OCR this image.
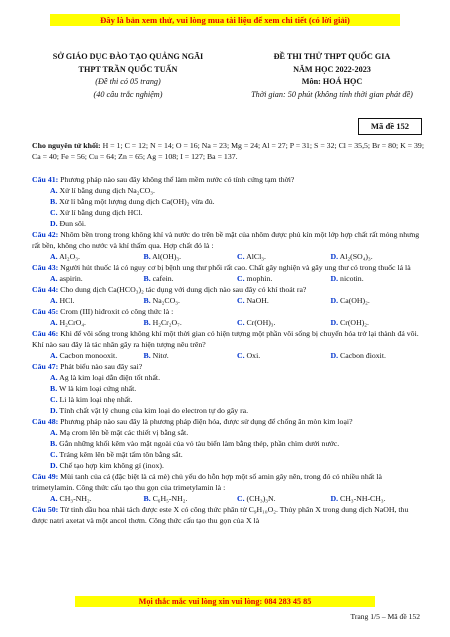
Đây là bản xem thử, vui lòng mua tài liệu để xem chi tiết (có lời giải)
SỞ GIÁO DỤC ĐÀO TẠO QUẢNG NGÃI
THPT TRẦN QUỐC TUẤN
(Đề thi có 05 trang)
(40 câu trắc nghiệm)
ĐỀ THI THỬ THPT QUỐC GIA
NĂM HỌC 2022-2023
Môn: HOÁ HỌC
Thời gian: 50 phút (không tính thời gian phát đề)
Mã đề 152
Cho nguyên tử khối: H = 1; C = 12; N = 14; O = 16; Na = 23; Mg = 24; Al = 27; P = 31; S = 32; Cl = 35,5; Br = 80; K = 39; Ca = 40; Fe = 56; Cu = 64; Zn = 65; Ag = 108; I = 127; Ba = 137.
Câu 41: Phương pháp nào sau đây không thể làm mềm nước có tính cứng tạm thời?
A. Xử lí bằng dung dịch Na₂CO₃.
B. Xử lí bằng một lượng dung dịch Ca(OH)₂ vừa đủ.
C. Xử lí bằng dung dịch HCl.
D. Đun sôi.
Câu 42: Nhôm bền trong trong không khí và nước do trên bề mặt của nhôm được phủ kín một lớp hợp chất rất mỏng nhưng rất bền, không cho nước và khí thấm qua. Hợp chất đó là :
A. Al₂O₃.	B. Al(OH)₃.	C. AlCl₃.	D. Al₂(SO₄)₃.
Câu 43: Người hút thuốc lá có nguy cơ bị bệnh ung thư phổi rất cao. Chất gây nghiện và gây ung thư có trong thuốc lá là
A. aspirin.	B. cafein.	C. mophin.	D. nicotin.
Câu 44: Cho dung dịch Ca(HCO₃)₂ tác dụng với dung dịch nào sau đây có khí thoát ra?
A. HCl.	B. Na₂CO₃.	C. NaOH.	D. Ca(OH)₂.
Câu 45: Crom (III) hiđroxit có công thức là :
A. H₂CrO₄.	B. H₂Cr₂O₇.	C. Cr(OH)₃.	D. Cr(OH)₂.
Câu 46: Khi để vôi sống trong không khí một thời gian có hiện tượng một phần vôi sống bị chuyển hóa trở lại thành đá vôi. Khí nào sau đây là tác nhân gây ra hiện tượng nêu trên?
A. Cacbon monooxit.	B. Nitơ.	C. Oxi.	D. Cacbon đioxit.
Câu 47: Phát biểu nào sau đây sai?
A. Ag là kim loại dẫn điện tốt nhất.
B. W là kim loại cứng nhất.
C. Li là kim loại nhẹ nhất.
D. Tính chất vật lý chung của kim loại do electron tự do gây ra.
Câu 48: Phương pháp nào sau đây là phương pháp điện hóa, được sử dụng để chống ăn mòn kim loại?
A. Mạ crom lên bề mặt các thiết vị bằng sắt.
B. Gắn những khối kẽm vào mặt ngoài của vỏ tàu biển làm bằng thép, phần chìm dưới nước.
C. Tráng kẽm lên bề mặt tấm tôn bằng sắt.
D. Chế tạo hợp kim không gỉ (inox).
Câu 49: Mùi tanh của cá (đặc biệt là cá mè) chủ yếu do hỗn hợp một số amin gây nên, trong đó có nhiều nhất là trimetylamin. Công thức cấu tạo thu gọn của trimetylamin là :
A. CH₃-NH₂.	B. C₆H₅-NH₂.	C. (CH₃)₃N.	D. CH₃-NH-CH₃.
Câu 50: Từ tinh dầu hoa nhài tách được este X có công thức phân tử C₉H₁₀O₂. Thủy phân X trong dung dịch NaOH, thu được natri axetat và một ancol thơm. Công thức cấu tạo thu gọn của X là
Mọi thắc mắc vui lòng xin vui lòng: 084 283 45 85
Trang 1/5 – Mã đề 152
